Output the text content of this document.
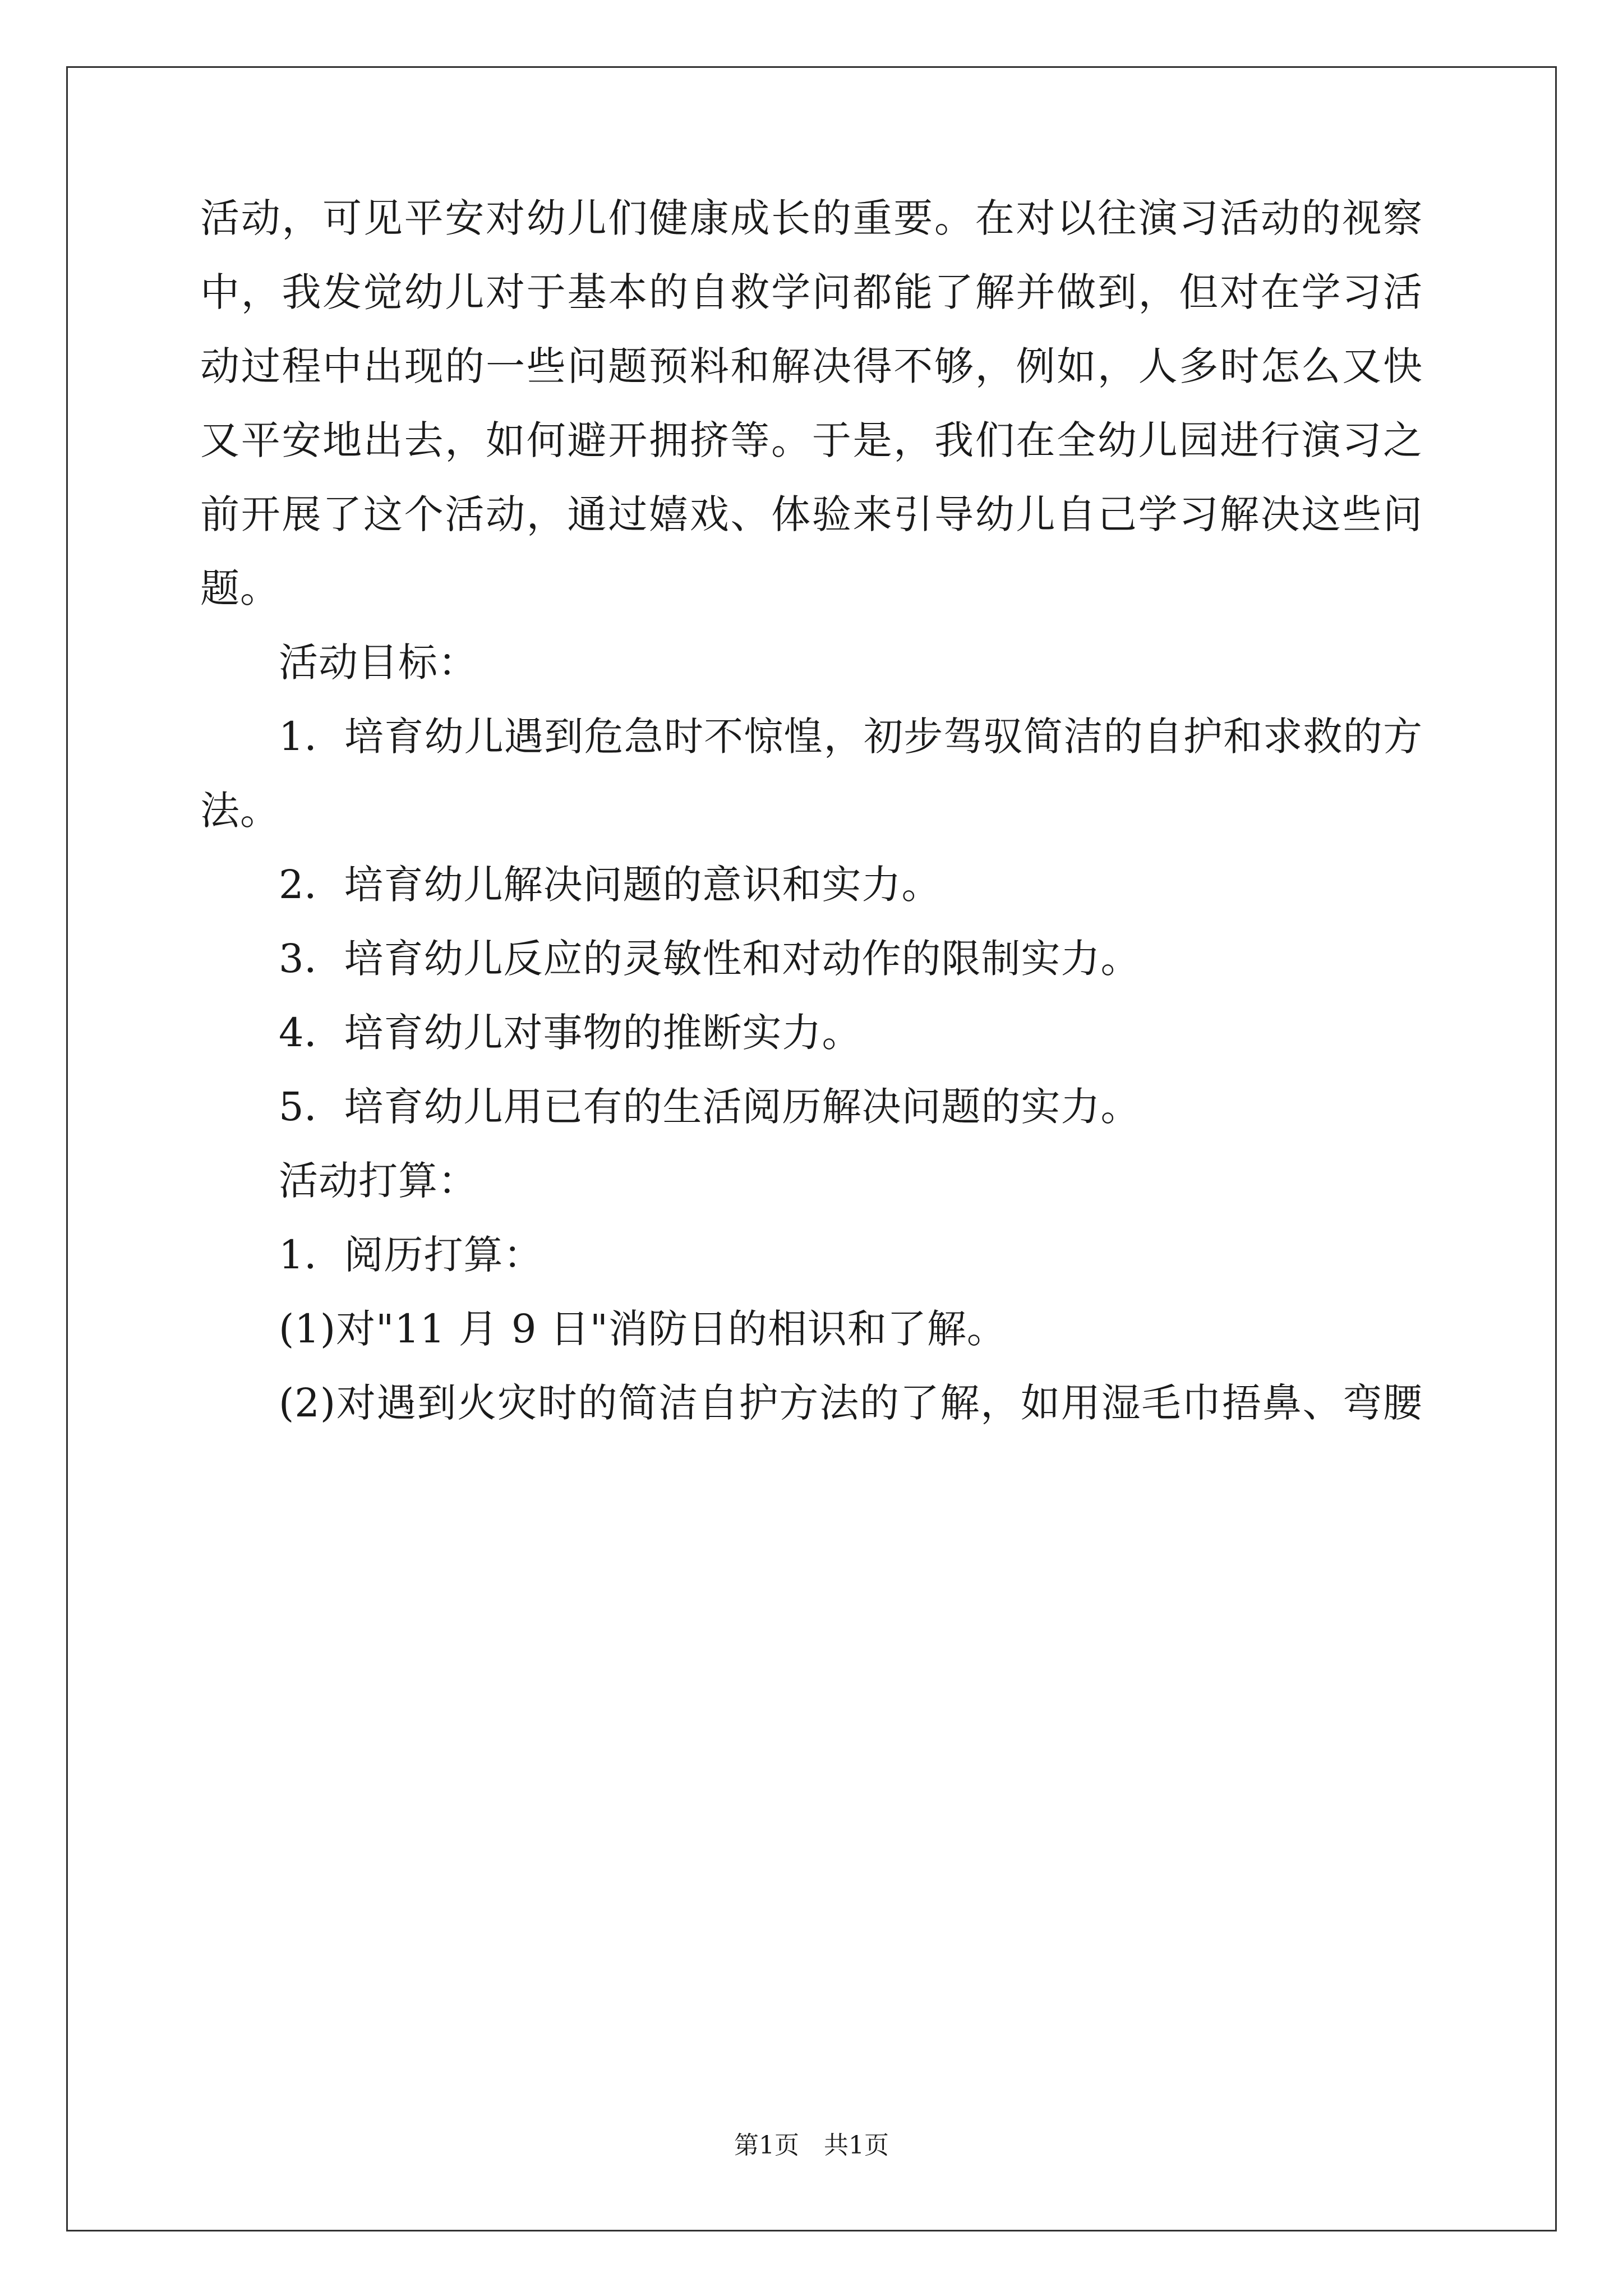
活动，可见平安对幼儿们健康成长的重要。在对以往演习活动的视察
中，我发觉幼儿对于基本的自救学问都能了解并做到，但对在学习活
动过程中出现的一些问题预料和解决得不够，例如，人多时怎么又快
又平安地出去，如何避开拥挤等。于是，我们在全幼儿园进行演习之
前开展了这个活动，通过嬉戏、体验来引导幼儿自己学习解决这些问
题。
活动目标：
1．培育幼儿遇到危急时不惊惶，初步驾驭简洁的自护和求救的方
法。
2．培育幼儿解决问题的意识和实力。
3．培育幼儿反应的灵敏性和对动作的限制实力。
4．培育幼儿对事物的推断实力。
5．培育幼儿用已有的生活阅历解决问题的实力。
活动打算：
1．阅历打算：
(1)对"11 月 9 日"消防日的相识和了解。
(2)对遇到火灾时的简洁自护方法的了解，如用湿毛巾捂鼻、弯腰
第1页　共1页
